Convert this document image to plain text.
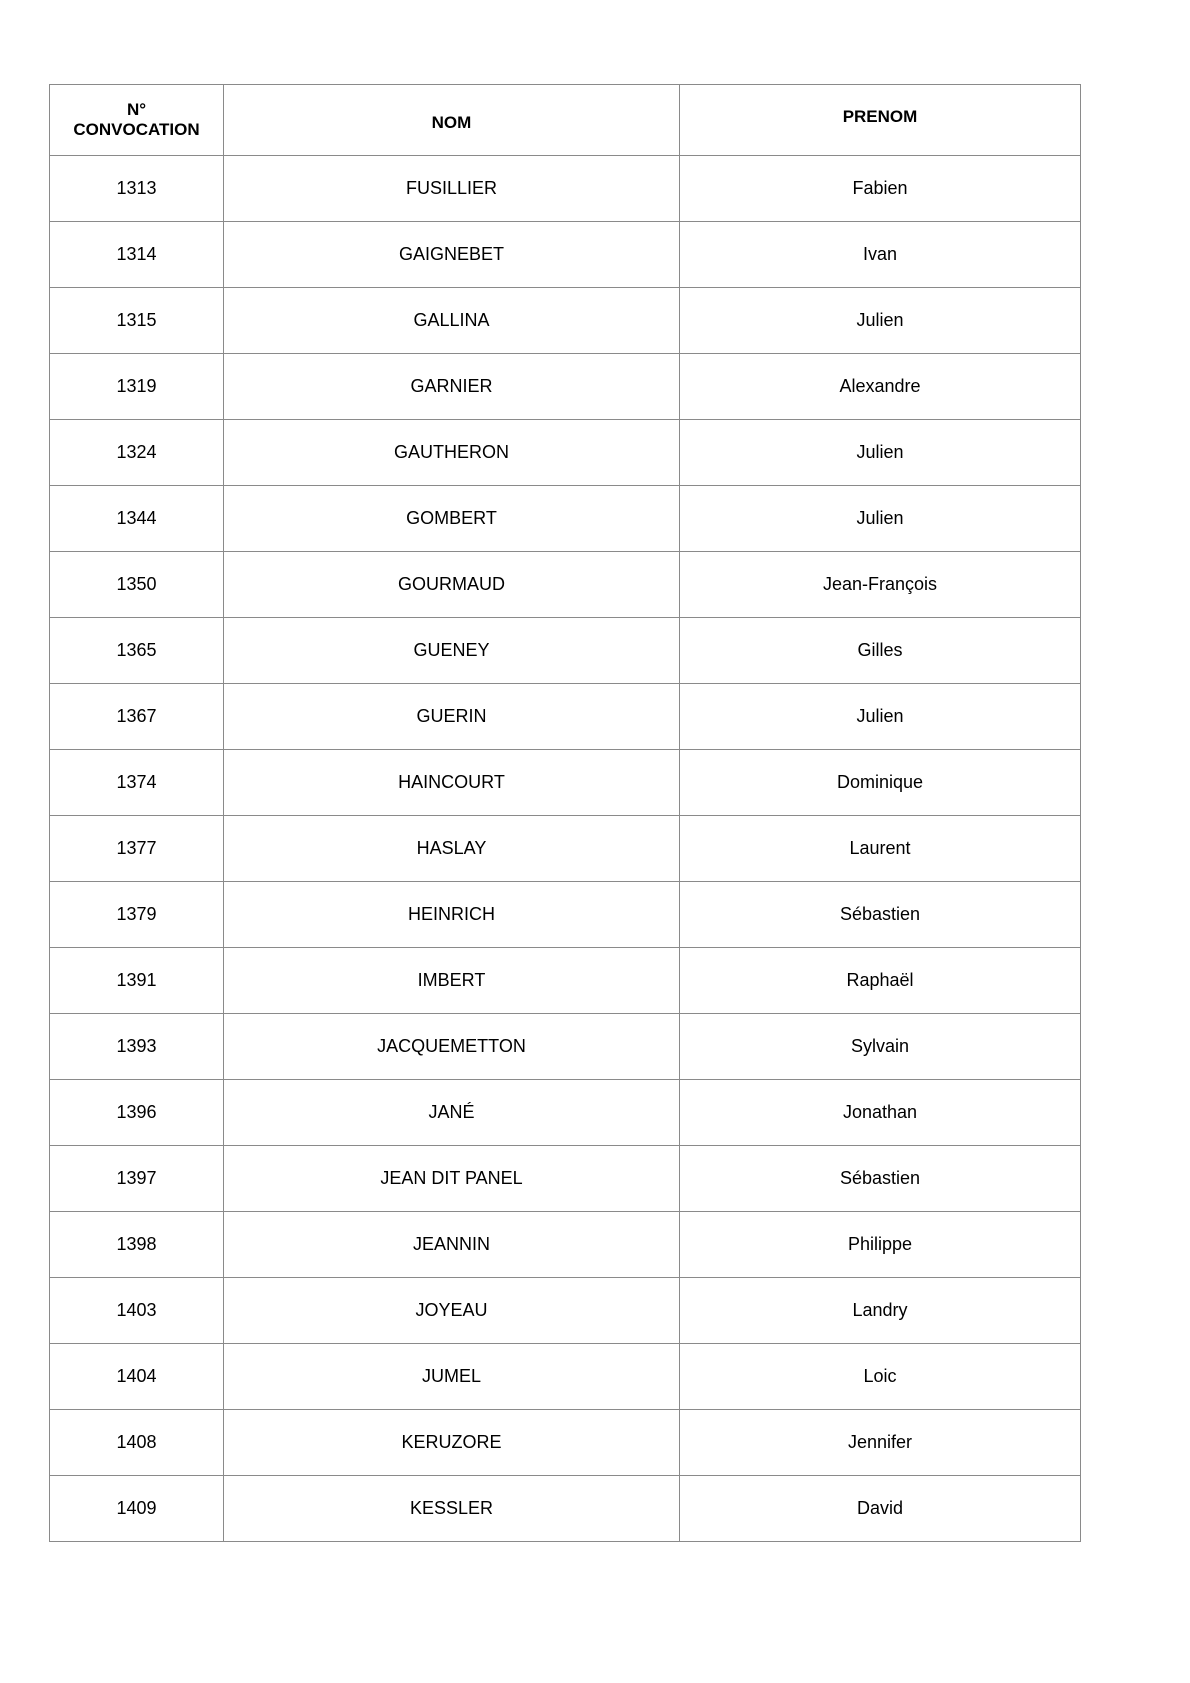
N°
CONVOCATION	NOM	PRENOM
1313	FUSILLIER	Fabien
1314	GAIGNEBET	Ivan
1315	GALLINA	Julien
1319	GARNIER	Alexandre
1324	GAUTHERON	Julien
1344	GOMBERT	Julien
1350	GOURMAUD	Jean-François
1365	GUENEY	Gilles
1367	GUERIN	Julien
1374	HAINCOURT	Dominique
1377	HASLAY	Laurent
1379	HEINRICH	Sébastien
1391	IMBERT	Raphaël
1393	JACQUEMETTON	Sylvain
1396	JANÉ	Jonathan
1397	JEAN DIT PANEL	Sébastien
1398	JEANNIN	Philippe
1403	JOYEAU	Landry
1404	JUMEL	Loic
1408	KERUZORE	Jennifer
1409	KESSLER	David
